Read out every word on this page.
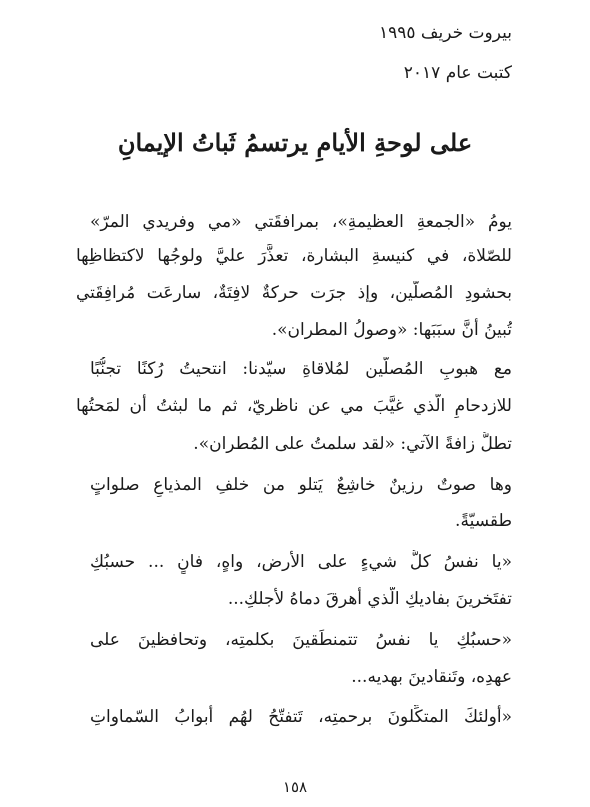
بيروت خريف ١٩٩٥
كتبت عام ٢٠١٧
على لوحةِ الأيامِ يرتسمُ ثَباتُ الإيمانِ
يومُ «الجمعةِ العظيمةِ»، بمرافقَتي «مي وفريدي المرّ»
للصّلاة، في كنيسةِ البشارة، تعذَّرَ عليَّ ولوجُها لاكتظاظِها
بحشودِ المُصلّين، وإذ جرَت حركةٌ لافِتَةٌ، سارعَت مُرافِقَتي
تُبينُ أنَّ سبَبَها: «وصولُ المطران».
مع هبوبِ المُصلّين لمُلاقاةِ سيّدنا: انتحيتُ رُكنًا تجنُّبًا
للازدحامِ الّذي غيَّبَ مي عن ناظريّ، ثم ما لبثتُ أن لمَحتُها
تطلُّ زافةً الآتي: «لقد سلمتُ على المُطران».
وها صوتٌ رزينٌ خاشِعٌ يَتلو من خلفِ المذياعِ صلواتٍ
طقسيّةً.
«يا نفسُ كلُّ شيءٍ على الأرض، واهٍ، فانٍ ... حسبُكِ
تفتَخرينَ بفاديكِ الّذي أهرقَ دماهُ لأجلكِ...
«حسبُكِ يا نفسُ تتمنطَقينَ بكلمتِه، وتحافظينَ على
عهدِه، وتَنقادينَ بهديه...
«أولئكَ المتكِّلونَ برحمتِه، تَتفتّحُ لهُم أبوابُ السّماواتِ
١٥٨
